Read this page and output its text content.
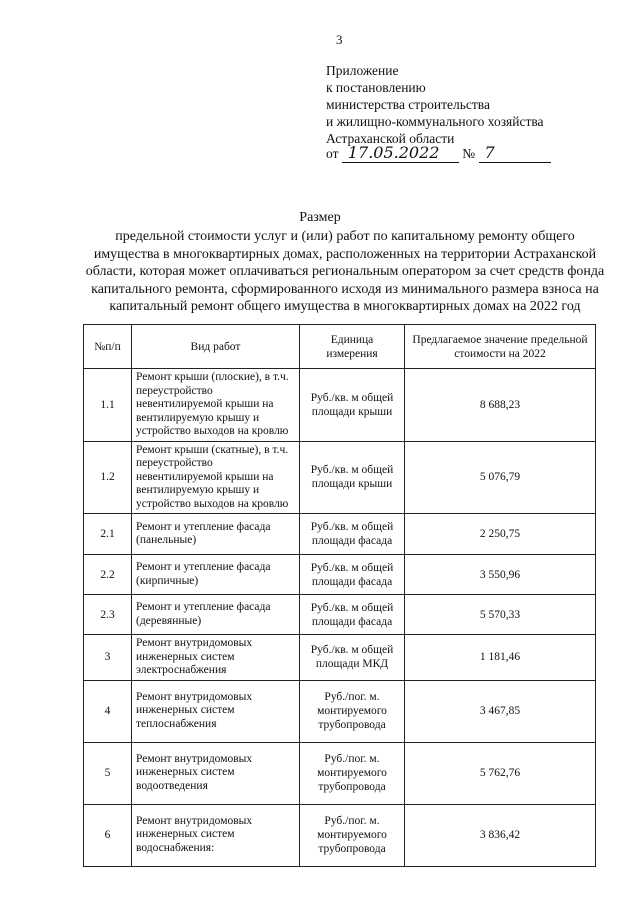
3
Приложение
к постановлению
министерства строительства
и жилищно-коммунального хозяйства
Астраханской области
от 17.05.2022 № 7
Размер
предельной стоимости услуг и (или) работ по капитальному ремонту общего имущества в многоквартирных домах, расположенных на территории Астраханской области, которая может оплачиваться региональным оператором за счет средств фонда капитального ремонта, сформированного исходя из минимального размера взноса на капитальный ремонт общего имущества в многоквартирных домах на 2022 год
№п/п	Вид работ	Единица измерения	Предлагаемое значение предельной стоимости на 2022
1.1	Ремонт крыши (плоские), в т.ч. переустройство невентилируемой крыши на вентилируемую крышу и устройство выходов на кровлю	Руб./кв. м общей площади крыши	8 688,23
1.2	Ремонт крыши (скатные), в т.ч. переустройство невентилируемой крыши на вентилируемую крышу и устройство выходов на кровлю	Руб./кв. м общей площади крыши	5 076,79
2.1	Ремонт и утепление фасада (панельные)	Руб./кв. м общей площади фасада	2 250,75
2.2	Ремонт и утепление фасада (кирпичные)	Руб./кв. м общей площади фасада	3 550,96
2.3	Ремонт и утепление фасада (деревянные)	Руб./кв. м общей площади фасада	5 570,33
3	Ремонт внутридомовых инженерных систем электроснабжения	Руб./кв. м общей площади МКД	1 181,46
4	Ремонт внутридомовых инженерных систем теплоснабжения	Руб./пог. м. монтируемого трубопровода	3 467,85
5	Ремонт внутридомовых инженерных систем водоотведения	Руб./пог. м. монтируемого трубопровода	5 762,76
6	Ремонт внутридомовых инженерных систем водоснабжения:	Руб./пог. м. монтируемого трубопровода	3 836,42
